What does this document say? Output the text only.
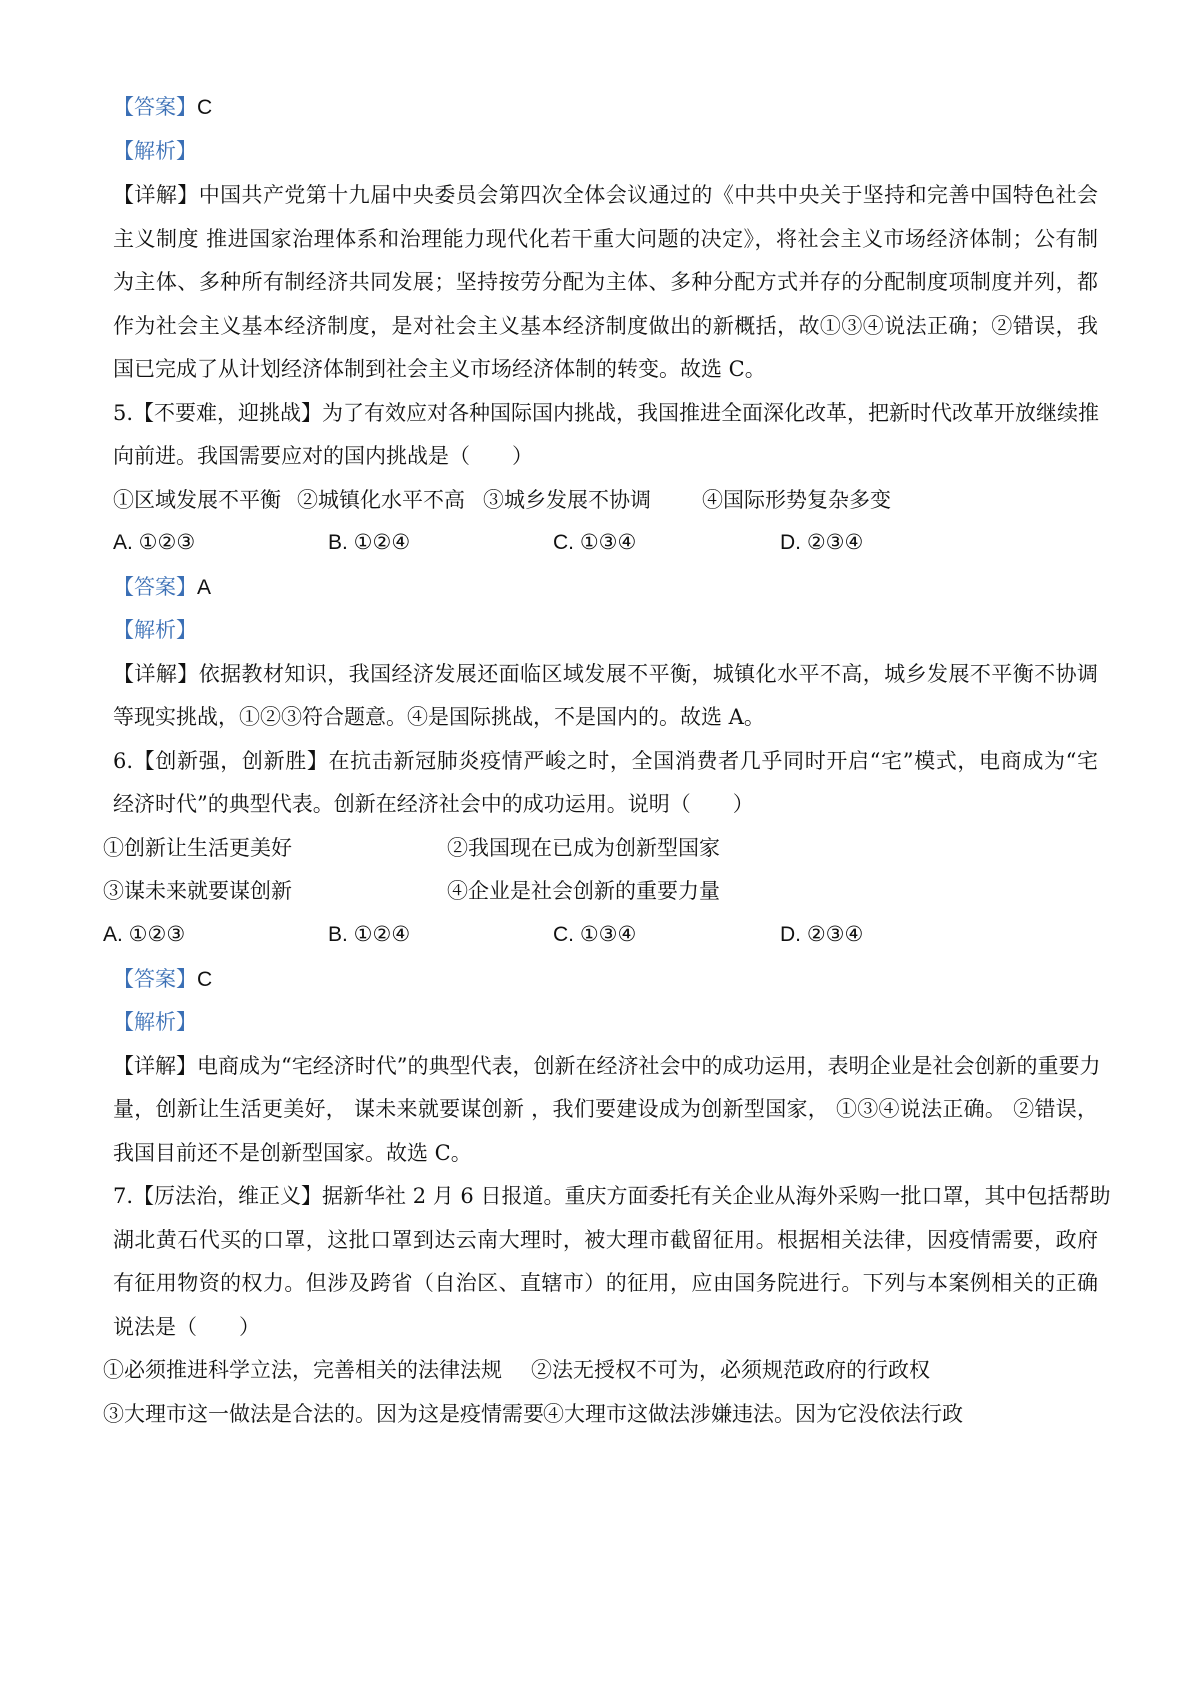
【答案】C
【解析】
【详解】中国共产党第十九届中央委员会第四次全体会议通过的《中共中央关于坚持和完善中国特色社会
主义制度 推进国家治理体系和治理能力现代化若干重大问题的决定》，将社会主义市场经济体制；公有制
为主体、多种所有制经济共同发展；坚持按劳分配为主体、多种分配方式并存的分配制度项制度并列，都
作为社会主义基本经济制度，是对社会主义基本经济制度做出的新概括，故①③④说法正确；②错误，我
国已完成了从计划经济体制到社会主义市场经济体制的转变。故选 C。
5.【不要难，迎挑战】为了有效应对各种国际国内挑战，我国推进全面深化改革，把新时代改革开放继续推
向前进。我国需要应对的国内挑战是（　　）
①区域发展不平衡 ②城镇化水平不高 ③城乡发展不协调 ④国际形势复杂多变
A. ①②③	B. ①②④	C. ①③④	D. ②③④
【答案】A
【解析】
【详解】依据教材知识，我国经济发展还面临区域发展不平衡，城镇化水平不高，城乡发展不平衡不协调
等现实挑战，①②③符合题意。④是国际挑战，不是国内的。故选 A。
6.【创新强，创新胜】在抗击新冠肺炎疫情严峻之时，全国消费者几乎同时开启“宅”模式，电商成为“宅
经济时代”的典型代表。创新在经济社会中的成功运用。说明（　　）
①创新让生活更美好	②我国现在已成为创新型国家
③谋未来就要谋创新	④企业是社会创新的重要力量
A. ①②③	B. ①②④	C. ①③④	D. ②③④
【答案】C
【解析】
【详解】电商成为“宅经济时代”的典型代表，创新在经济社会中的成功运用，表明企业是社会创新的重要力
量，创新让生活更美好， 谋未来就要谋创新 ，我们要建设成为创新型国家， ①③④说法正确。 ②错误，
我国目前还不是创新型国家。故选 C。
7.【厉法治，维正义】据新华社 2 月 6 日报道。重庆方面委托有关企业从海外采购一批口罩，其中包括帮助
湖北黄石代买的口罩，这批口罩到达云南大理时，被大理市截留征用。根据相关法律，因疫情需要，政府
有征用物资的权力。但涉及跨省（自治区、直辖市）的征用，应由国务院进行。下列与本案例相关的正确
说法是（　　）
①必须推进科学立法，完善相关的法律法规 ②法无授权不可为，必须规范政府的行政权
③大理市这一做法是合法的。因为这是疫情需要 ④大理市这做法涉嫌违法。因为它没依法行政
